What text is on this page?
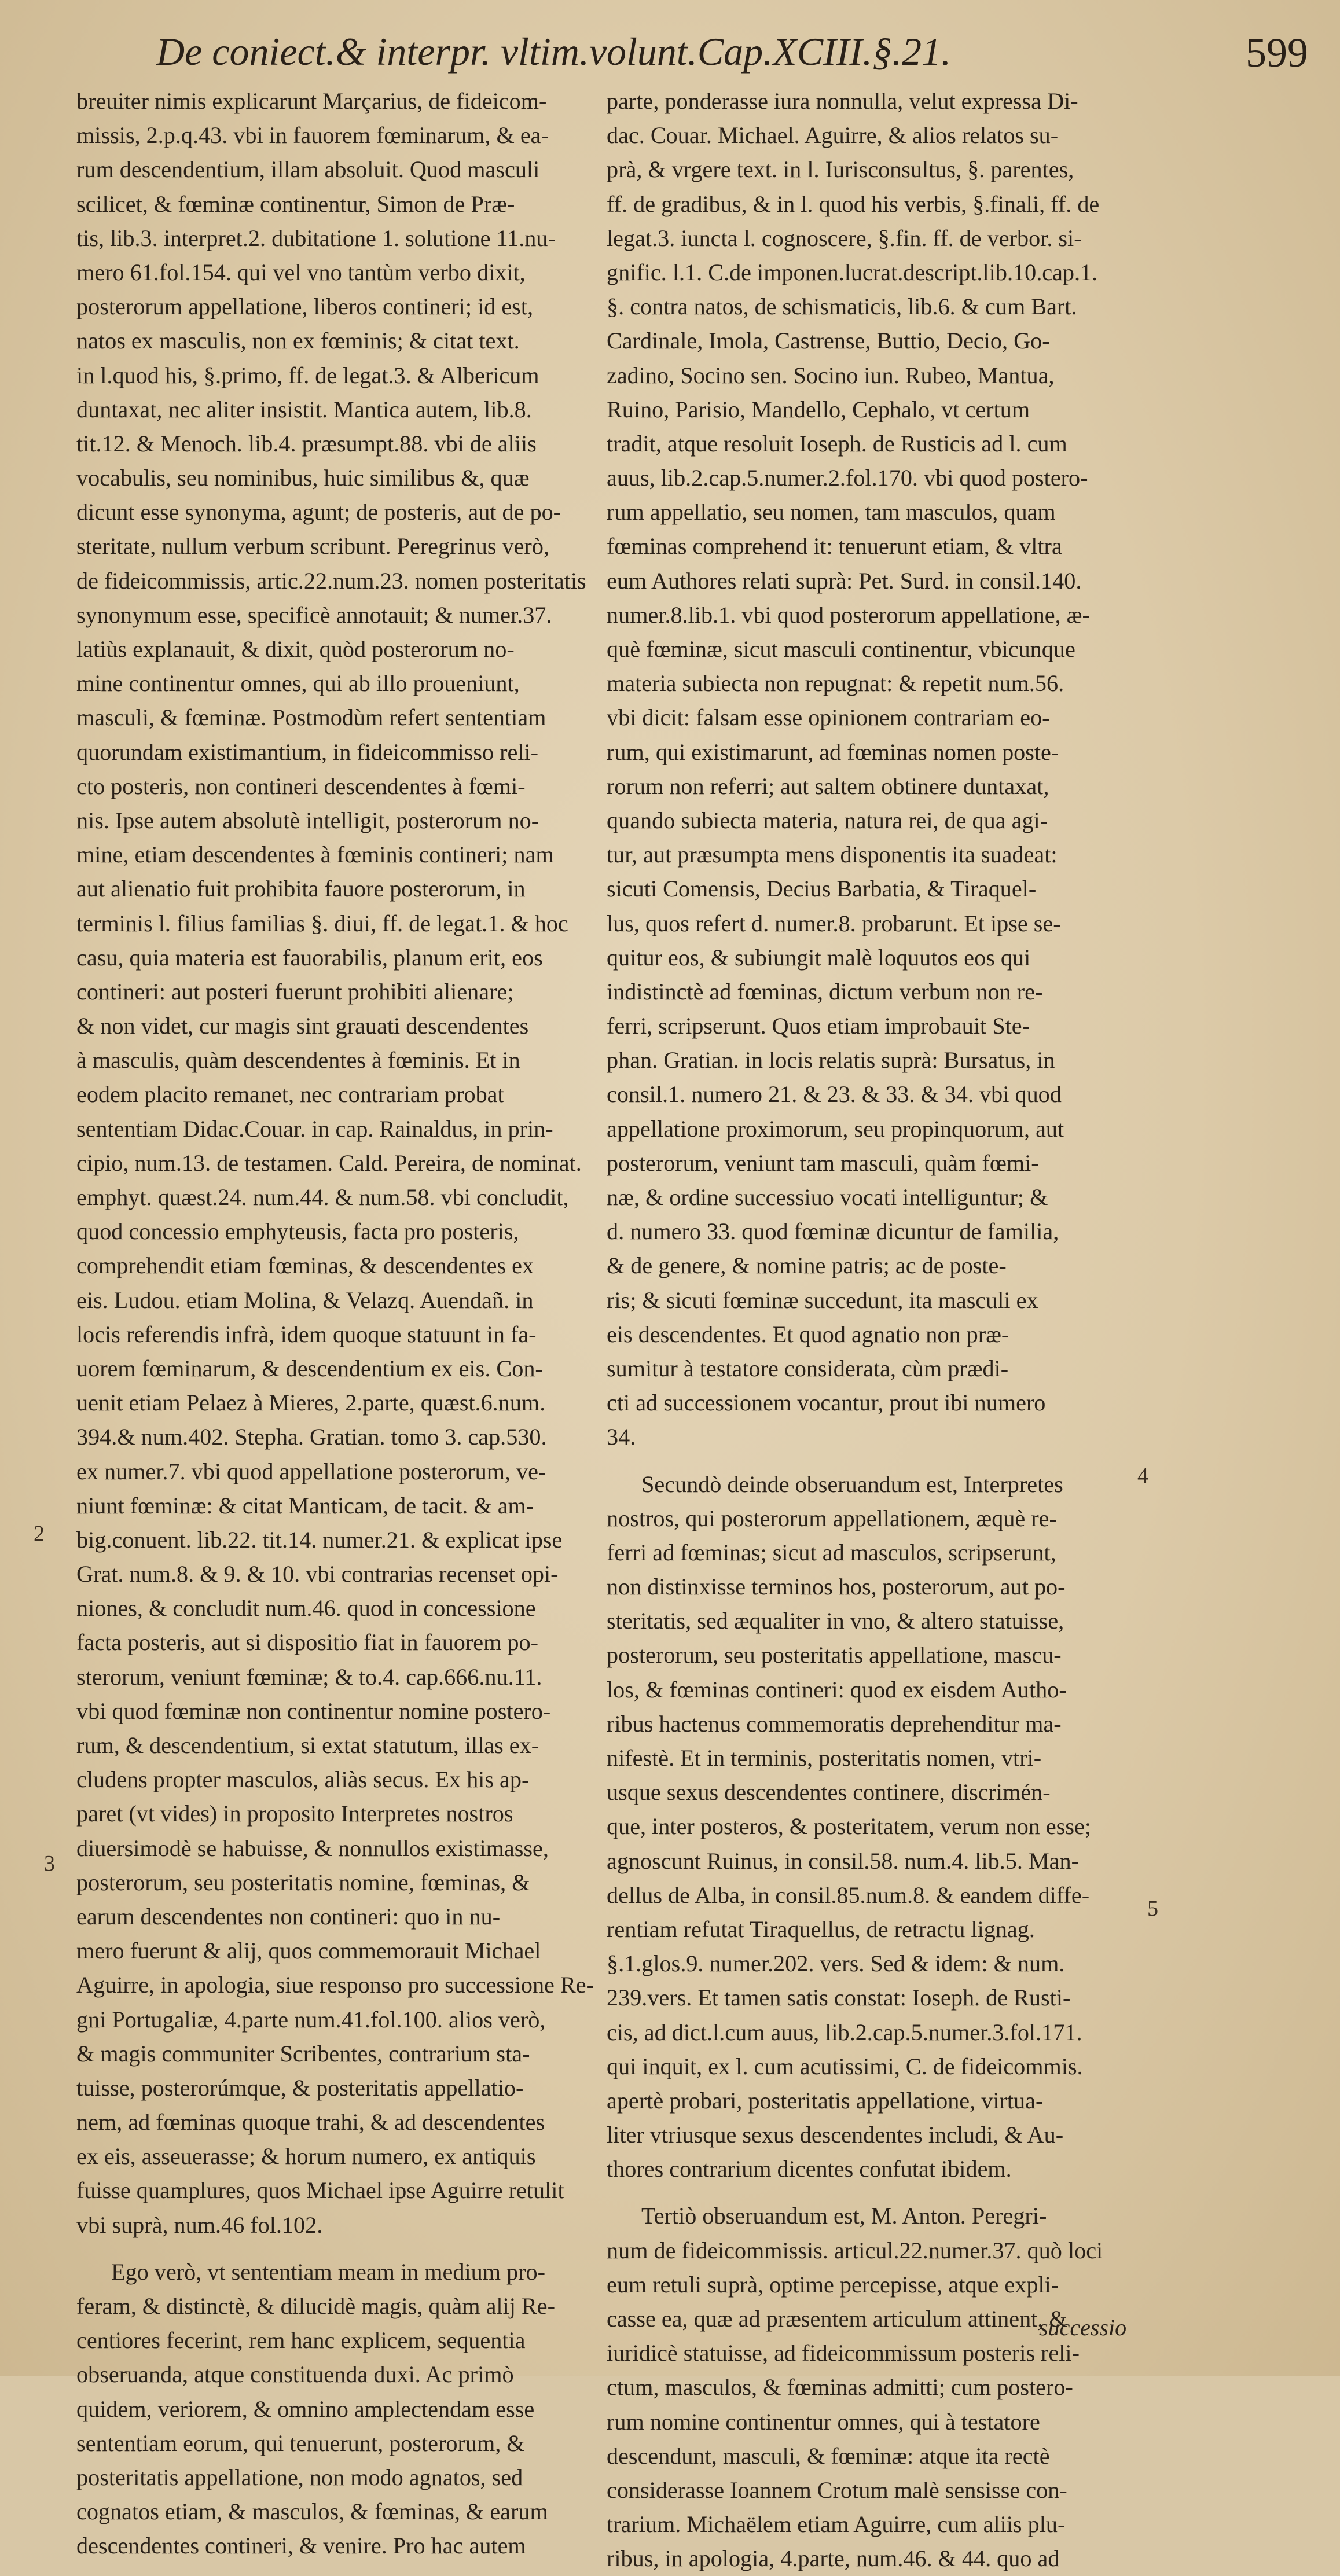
De coniect.& interpr. vltim.volunt.Cap.XCIII.§.21.	599
breuiter nimis explicarunt Marçarius, de fideicom-
missis, 2.p.q.43. vbi in fauorem fœminarum, & ea-
rum descendentium, illam absoluit. Quod masculi
scilicet, & fœminæ continentur, Simon de Præ-
tis, lib.3. interpret.2. dubitatione 1. solutione 11.nu-
mero 61.fol.154. qui vel vno tantùm verbo dixit,
posterorum appellatione, liberos contineri; id est,
natos ex masculis, non ex fœminis; & citat text.
in l.quod his, §.primo, ff. de legat.3. & Albericum
duntaxat, nec aliter insistit. Mantica autem, lib.8.
tit.12. & Menoch. lib.4. præsumpt.88. vbi de aliis
vocabulis, seu nominibus, huic similibus &, quæ
dicunt esse synonyma, agunt; de posteris, aut de po-
steritate, nullum verbum scribunt. Peregrinus verò,
de fideicommissis, artic.22.num.23. nomen posteritatis
synonymum esse, specificè annotauit; & numer.37.
latiùs explanauit, & dixit, quòd posterorum no-
mine continentur omnes, qui ab illo proueniunt,
masculi, & fœminæ. Postmodùm refert sententiam
quorundam existimantium, in fideicommisso reli-
cto posteris, non contineri descendentes à fœmi-
nis. Ipse autem absolutè intelligit, posterorum no-
mine, etiam descendentes à fœminis contineri; nam
aut alienatio fuit prohibita fauore posterorum, in
terminis l. filius familias §. diui, ff. de legat.1. & hoc
casu, quia materia est fauorabilis, planum erit, eos
contineri: aut posteri fuerunt prohibiti alienare;
& non videt, cur magis sint grauati descendentes
à masculis, quàm descendentes à fœminis. Et in
eodem placito remanet, nec contrariam probat
sententiam Didac.Couar. in cap. Rainaldus, in prin-
cipio, num.13. de testamen. Cald. Pereira, de nominat.
emphyt. quæst.24. num.44. & num.58. vbi concludit,
quod concessio emphyteusis, facta pro posteris,
comprehendit etiam fœminas, & descendentes ex
eis. Ludou. etiam Molina, & Velazq. Auendañ. in
locis referendis infrà, idem quoque statuunt in fa-
uorem fœminarum, & descendentium ex eis. Con-
uenit etiam Pelaez à Mieres, 2.parte, quæst.6.num.
394.& num.402. Stepha. Gratian. tomo 3. cap.530.
ex numer.7. vbi quod appellatione posterorum, ve-
niunt fœminæ: & citat Manticam, de tacit. & am-
big.conuent. lib.22. tit.14. numer.21. & explicat ipse
Grat. num.8. & 9. & 10. vbi contrarias recenset opi-
niones, & concludit num.46. quod in concessione
facta posteris, aut si dispositio fiat in fauorem po-
sterorum, veniunt fœminæ; & to.4. cap.666.nu.11.
vbi quod fœminæ non continentur nomine postero-
rum, & descendentium, si extat statutum, illas ex-
cludens propter masculos, aliàs secus. Ex his ap-
paret (vt vides) in proposito Interpretes nostros
diuersimodè se habuisse, & nonnullos existimasse,
posterorum, seu posteritatis nomine, fœminas, &
earum descendentes non contineri: quo in nu-
mero fuerunt & alij, quos commemorauit Michael
Aguirre, in apologia, siue responso pro successione Re-
gni Portugaliæ, 4.parte num.41.fol.100. alios verò,
& magis communiter Scribentes, contrarium sta-
tuisse, posterorúmque, & posteritatis appellatio-
nem, ad fœminas quoque trahi, & ad descendentes
ex eis, asseuerasse; & horum numero, ex antiquis
fuisse quamplures, quos Michael ipse Aguirre retulit
vbi suprà, num.46 fol.102.
Ego verò, vt sententiam meam in medium pro-
feram, & distinctè, & dilucidè magis, quàm alij Re-
centiores fecerint, rem hanc explicem, sequentia
obseruanda, atque constituenda duxi. Ac primò
quidem, veriorem, & omnino amplectendam esse
sententiam eorum, qui tenuerunt, posterorum, &
posteritatis appellatione, non modo agnatos, sed
cognatos etiam, & masculos, & fœminas, & earum
descendentes contineri, & venire. Pro hac autem
parte, ponderasse iura nonnulla, velut expressa Di-
dac. Couar. Michael. Aguirre, & alios relatos su-
prà, & vrgere text. in l. Iurisconsultus, §. parentes,
ff. de gradibus, & in l. quod his verbis, §.finali, ff. de
legat.3. iuncta l. cognoscere, §.fin. ff. de verbor. si-
gnific. l.1. C.de imponen.lucrat.descript.lib.10.cap.1.
§. contra natos, de schismaticis, lib.6. & cum Bart.
Cardinale, Imola, Castrense, Buttio, Decio, Go-
zadino, Socino sen. Socino iun. Rubeo, Mantua,
Ruino, Parisio, Mandello, Cephalo, vt certum
tradit, atque resoluit Ioseph. de Rusticis ad l. cum
auus, lib.2.cap.5.numer.2.fol.170. vbi quod postero-
rum appellatio, seu nomen, tam masculos, quam
fœminas comprehend it: tenuerunt etiam, & vltra
eum Authores relati suprà: Pet. Surd. in consil.140.
numer.8.lib.1. vbi quod posterorum appellatione, æ-
què fœminæ, sicut masculi continentur, vbicunque
materia subiecta non repugnat: & repetit num.56.
vbi dicit: falsam esse opinionem contrariam eo-
rum, qui existimarunt, ad fœminas nomen poste-
rorum non referri; aut saltem obtinere duntaxat,
quando subiecta materia, natura rei, de qua agi-
tur, aut præsumpta mens disponentis ita suadeat:
sicuti Comensis, Decius Barbatia, & Tiraquel-
lus, quos refert d. numer.8. probarunt. Et ipse se-
quitur eos, & subiungit malè loquutos eos qui
indistinctè ad fœminas, dictum verbum non re-
ferri, scripserunt. Quos etiam improbauit Ste-
phan. Gratian. in locis relatis suprà: Bursatus, in
consil.1. numero 21. & 23. & 33. & 34. vbi quod
appellatione proximorum, seu propinquorum, aut
posterorum, veniunt tam masculi, quàm fœmi-
næ, & ordine successiuo vocati intelliguntur; &
d. numero 33. quod fœminæ dicuntur de familia,
& de genere, & nomine patris; ac de poste-
ris; & sicuti fœminæ succedunt, ita masculi ex
eis descendentes. Et quod agnatio non præ-
sumitur à testatore considerata, cùm prædi-
cti ad successionem vocantur, prout ibi numero
34.
Secundò deinde obseruandum est, Interpretes
nostros, qui posterorum appellationem, æquè re-
ferri ad fœminas; sicut ad masculos, scripserunt,
non distinxisse terminos hos, posterorum, aut po-
steritatis, sed æqualiter in vno, & altero statuisse,
posterorum, seu posteritatis appellatione, mascu-
los, & fœminas contineri: quod ex eisdem Autho-
ribus hactenus commemoratis deprehenditur ma-
nifestè. Et in terminis, posteritatis nomen, vtri-
usque sexus descendentes continere, discrimén-
que, inter posteros, & posteritatem, verum non esse;
agnoscunt Ruinus, in consil.58. num.4. lib.5. Man-
dellus de Alba, in consil.85.num.8. & eandem diffe-
rentiam refutat Tiraquellus, de retractu lignag.
§.1.glos.9. numer.202. vers. Sed & idem: & num.
239.vers. Et tamen satis constat: Ioseph. de Rusti-
cis, ad dict.l.cum auus, lib.2.cap.5.numer.3.fol.171.
qui inquit, ex l. cum acutissimi, C. de fideicommis.
apertè probari, posteritatis appellatione, virtua-
liter vtriusque sexus descendentes includi, & Au-
thores contrarium dicentes confutat ibidem.
Tertiò obseruandum est, M. Anton. Peregri-
num de fideicommissis. articul.22.numer.37. quò loci
eum retuli suprà, optime percepisse, atque expli-
casse ea, quæ ad præsentem articulum attinent, &
iuridicè statuisse, ad fideicommissum posteris reli-
ctum, masculos, & fœminas admitti; cum postero-
rum nomine continentur omnes, qui à testatore
descendunt, masculi, & fœminæ: atque ita rectè
considerasse Ioannem Crotum malè sensisse con-
trarium. Michaëlem etiam Aguirre, cum aliis plu-
ribus, in apologia, 4.parte, num.46. & 44. quo ad
2
3
4
5
successio
